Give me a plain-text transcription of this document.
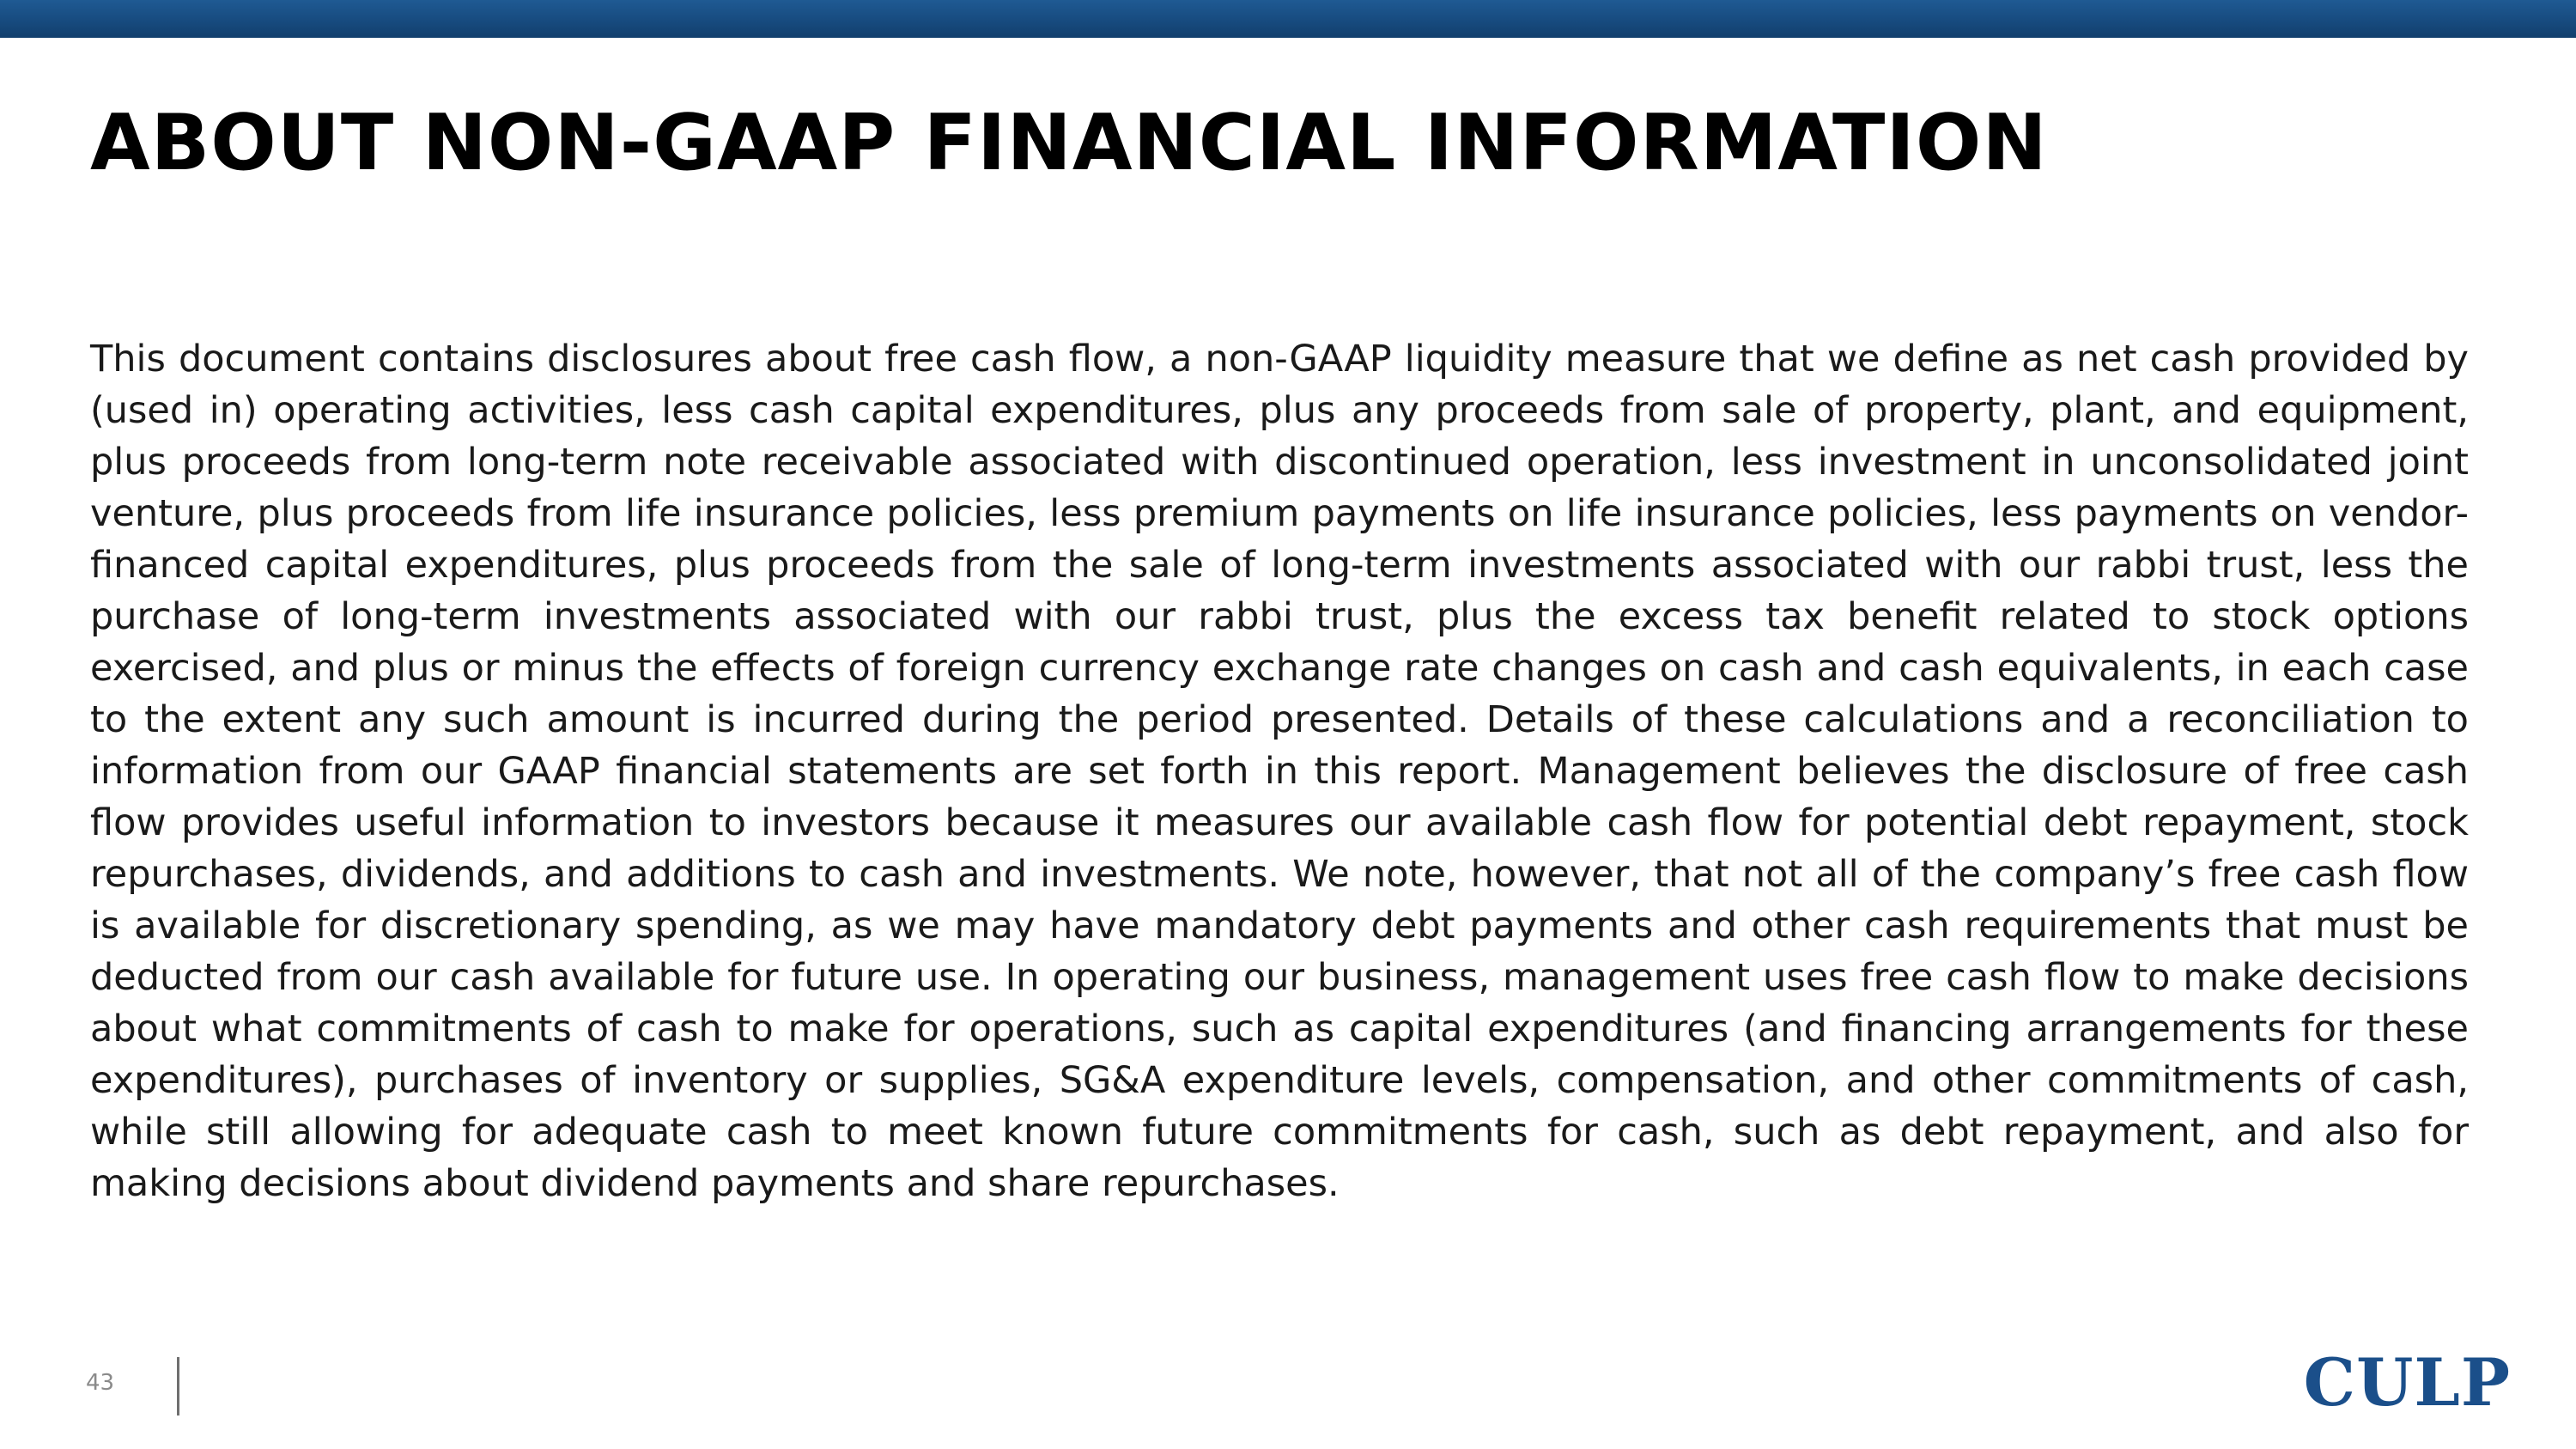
ABOUT NON-GAAP FINANCIAL INFORMATION

This document contains disclosures about free cash flow, a non-GAAP liquidity measure that we define as net cash provided by (used in) operating activities, less cash capital expenditures, plus any proceeds from sale of property, plant, and equipment, plus proceeds from long-term note receivable associated with discontinued operation, less investment in unconsolidated joint venture, plus proceeds from life insurance policies, less premium payments on life insurance policies, less payments on vendor-financed capital expenditures, plus proceeds from the sale of long-term investments associated with our rabbi trust, less the purchase of long-term investments associated with our rabbi trust, plus the excess tax benefit related to stock options exercised, and plus or minus the effects of foreign currency exchange rate changes on cash and cash equivalents, in each case to the extent any such amount is incurred during the period presented. Details of these calculations and a reconciliation to information from our GAAP financial statements are set forth in this report. Management believes the disclosure of free cash flow provides useful information to investors because it measures our available cash flow for potential debt repayment, stock repurchases, dividends, and additions to cash and investments. We note, however, that not all of the company’s free cash flow is available for discretionary spending, as we may have mandatory debt payments and other cash requirements that must be deducted from our cash available for future use. In operating our business, management uses free cash flow to make decisions about what commitments of cash to make for operations, such as capital expenditures (and financing arrangements for these expenditures), purchases of inventory or supplies, SG&A expenditure levels, compensation, and other commitments of cash, while still allowing for adequate cash to meet known future commitments for cash, such as debt repayment, and also for making decisions about dividend payments and share repurchases.

43	CULP
